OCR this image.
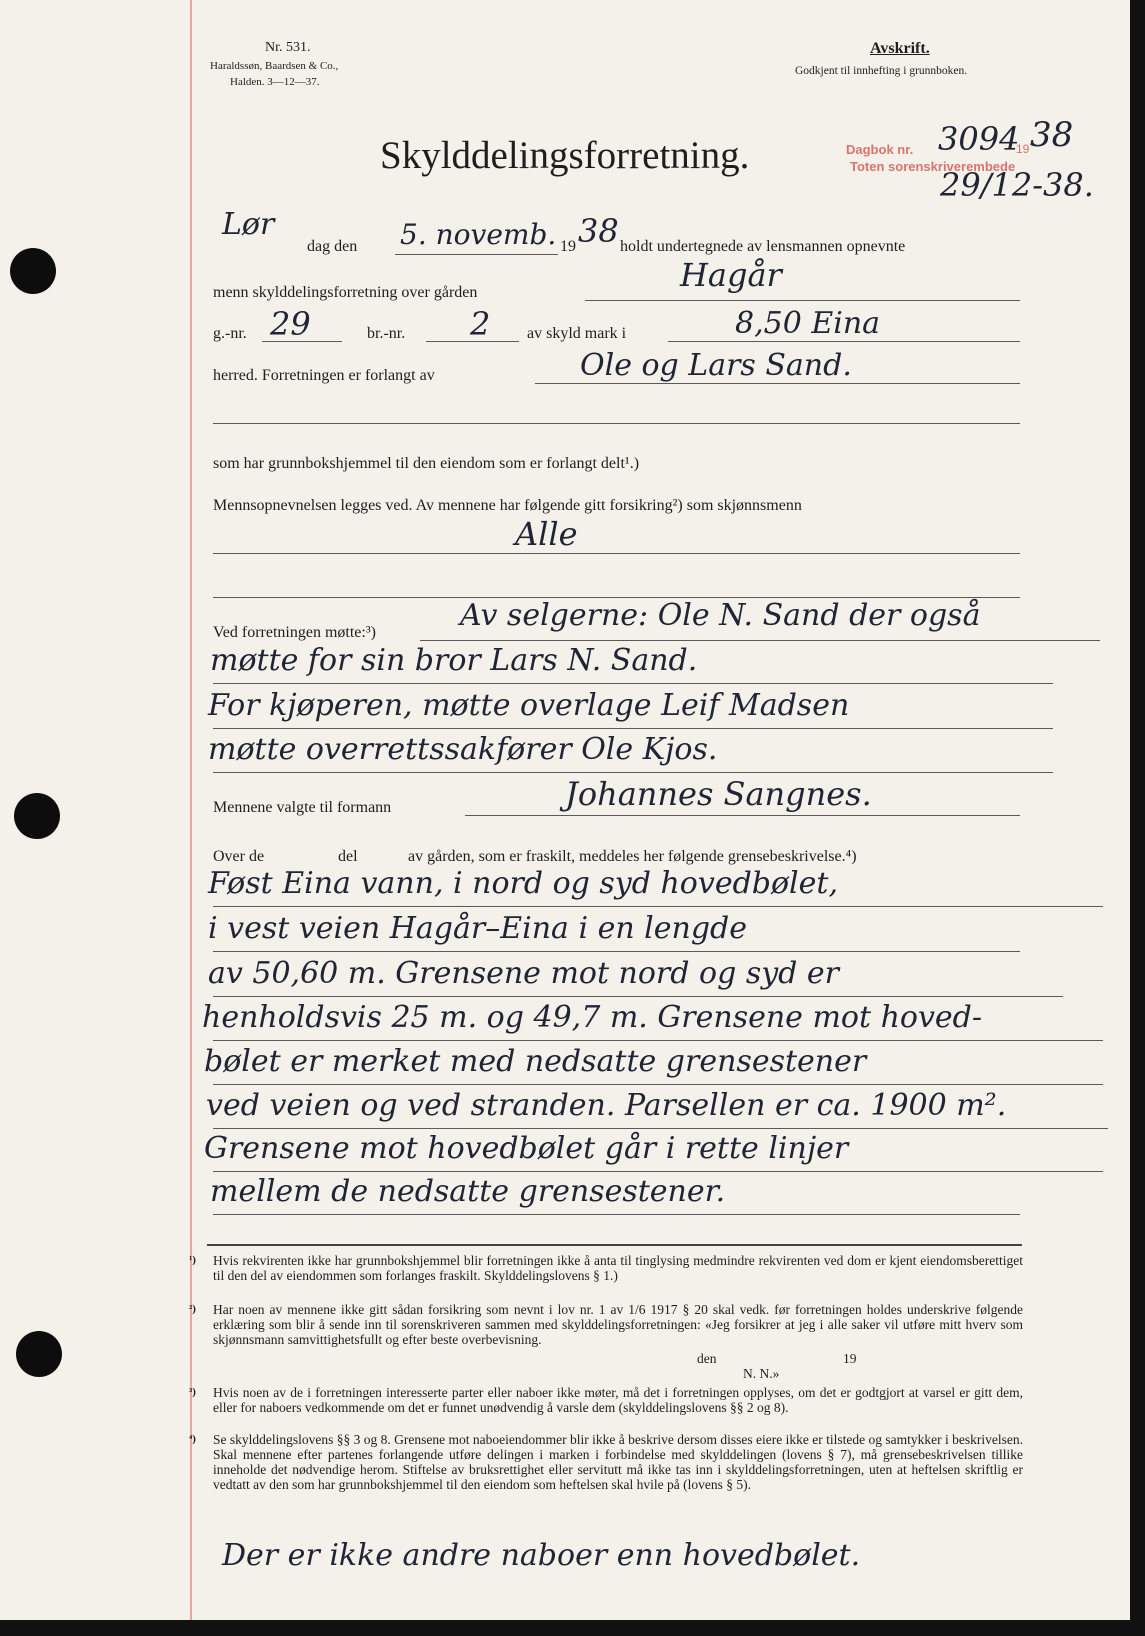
Nr. 531.
Haraldssøn, Baardsen & Co.,
Halden. 3—12—37.
Avskrift.
Godkjent til innhefting i grunnboken.
Skylddelingsforretning.	Dagbok nr. 3094
19 38
Toten sorenskriverembede
29/12-38.
Lør
dag den 5. novemb. 19 38 holdt undertegnede av lensmannen opnevnte
menn skylddelingsforretning over gården	Hagår
g.-nr. 29	br.-nr. 2 av skyld mark i	8,50 Eina
herred. Forretningen er forlangt av	Ole og Lars Sand.
som har grunnbokshjemmel til den eiendom som er forlangt delt¹.)
Mennsopnevnelsen legges ved. Av mennene har følgende gitt forsikring²) som skjønnsmenn
Alle
Ved forretningen møtte:³)	Av selgerne: Ole N. Sand der også
møtte for sin bror Lars N. Sand.
For kjøperen, møtte overlage Leif Madsen
møtte overrettssakfører Ole Kjos.
Mennene valgte til formann	Johannes Sangnes.
Over de	del	av gården, som er fraskilt, meddeles her følgende grensebeskrivelse.⁴)
Føst Eina vann, i nord og syd hovedbølet,
i vest veien Hagår–Eina i en lengde
av 50,60 m. Grensene mot nord og syd er
henholdsvis 25 m. og 49,7 m. Grensene mot hoved-
bølet er merket med nedsatte grensestener
ved veien og ved stranden. Parsellen er ca. 1900 m².
Grensene mot hovedbølet går i rette linjer
mellem de nedsatte grensestener.
¹) Hvis rekvirenten ikke har grunnbokshjemmel blir forretningen ikke å anta til tinglysing medmindre rekvirenten ved dom er kjent eiendomsberettiget til den del av eiendommen som forlanges fraskilt. Skylddelingslovens § 1.)
²) Har noen av mennene ikke gitt sådan forsikring som nevnt i lov nr. 1 av 1/6 1917 § 20 skal vedk. før forretningen holdes underskrive følgende erklæring som blir å sende inn til sorenskriveren sammen med skylddelingsforretningen: «Jeg forsikrer at jeg i alle saker vil utføre mitt hverv som skjønnsmann samvittighetsfullt og efter beste overbevisning.
den	19
N. N.»
³) Hvis noen av de i forretningen interesserte parter eller naboer ikke møter, må det i forretningen opplyses, om det er godtgjort at varsel er gitt dem, eller for naboers vedkommende om det er funnet unødvendig å varsle dem (skylddelingslovens §§ 2 og 8).
⁴) Se skylddelingslovens §§ 3 og 8. Grensene mot naboeiendommer blir ikke å beskrive dersom disses eiere ikke er tilstede og samtykker i beskrivelsen. Skal mennene efter partenes forlangende utføre delingen i marken i forbindelse med skylddelingen (lovens § 7), må grensebeskrivelsen tillike inneholde det nødvendige herom. Stiftelse av bruksrettighet eller servitutt må ikke tas inn i skylddelingsforretningen, uten at heftelsen skriftlig er vedtatt av den som har grunnbokshjemmel til den eiendom som heftelsen skal hvile på (lovens § 5).
Der er ikke andre naboer enn hovedbølet.
